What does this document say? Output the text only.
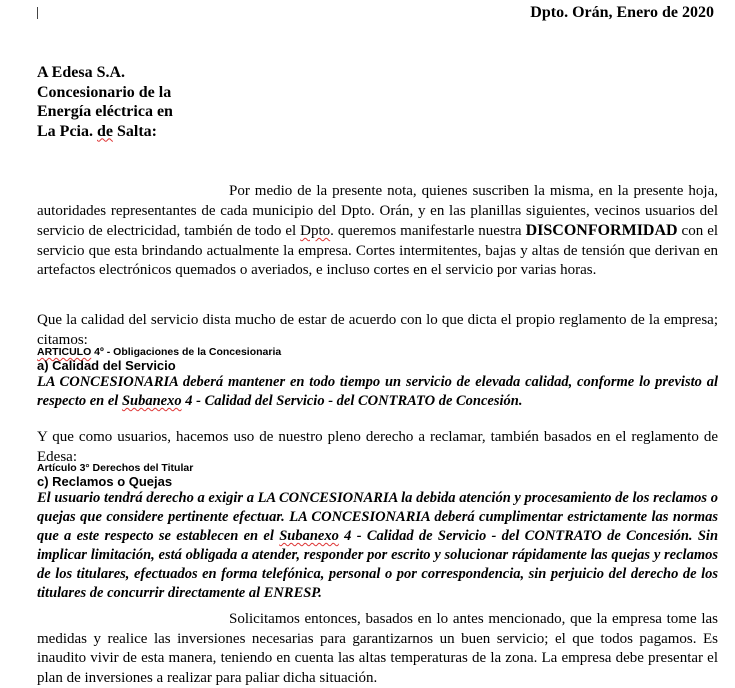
Dpto. Orán, Enero de 2020
A Edesa S.A.
Concesionario de la
Energía eléctrica en
La Pcia. de Salta:

Por medio de la presente nota, quienes suscriben la misma, en la presente hoja, autoridades representantes de cada municipio del Dpto. Orán, y en las planillas siguientes, vecinos usuarios del servicio de electricidad, también de todo el Dpto. queremos manifestarle nuestra DISCONFORMIDAD con el servicio que esta brindando actualmente la empresa. Cortes intermitentes, bajas y altas de tensión que derivan en artefactos electrónicos quemados o averiados, e incluso cortes en el servicio por varias horas.

Que la calidad del servicio dista mucho de estar de acuerdo con lo que dicta el propio reglamento de la empresa; citamos:

ARTICULO 4º - Obligaciones de la Concesionaria
a) Calidad del Servicio
LA CONCESIONARIA deberá mantener en todo tiempo un servicio de elevada calidad, conforme lo previsto al respecto en el Subanexo 4 - Calidad del Servicio - del CONTRATO de Concesión.

Y que como usuarios, hacemos uso de nuestro pleno derecho a reclamar, también basados en el reglamento de Edesa:

Artículo 3° Derechos del Titular
c) Reclamos o Quejas
El usuario tendrá derecho a exigir a LA CONCESIONARIA la debida atención y procesamiento de los reclamos o quejas que considere pertinente efectuar. LA CONCESIONARIA deberá cumplimentar estrictamente las normas que a este respecto se establecen en el Subanexo 4 - Calidad de Servicio - del CONTRATO de Concesión. Sin implicar limitación, está obligada a atender, responder por escrito y solucionar rápidamente las quejas y reclamos de los titulares, efectuados en forma telefónica, personal o por correspondencia, sin perjuicio del derecho de los titulares de concurrir directamente al ENRESP.

Solicitamos entonces, basados en lo antes mencionado, que la empresa tome las medidas y realice las inversiones necesarias para garantizarnos un buen servicio; el que todos pagamos. Es inaudito vivir de esta manera, teniendo en cuenta las altas temperaturas de la zona. La empresa debe presentar el plan de inversiones a realizar para paliar dicha situación.
